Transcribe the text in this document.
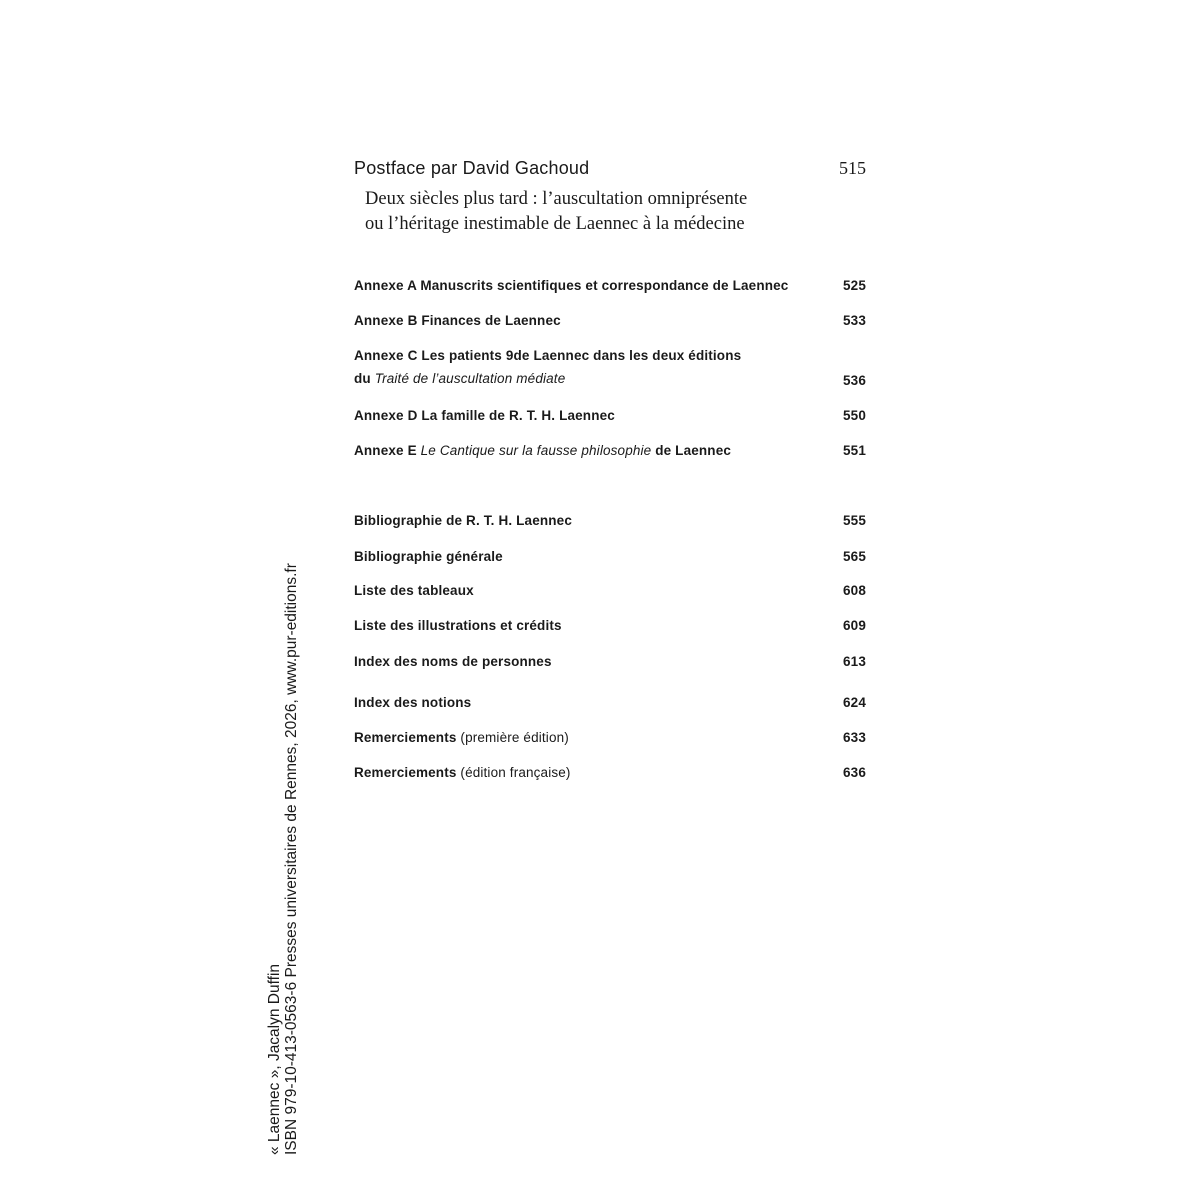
Postface par David Gachoud	515
Deux siècles plus tard : l’auscultation omniprésente
ou l’héritage inestimable de Laennec à la médecine
Annexe A Manuscrits scientifiques et correspondance de Laennec	525
Annexe B Finances de Laennec	533
Annexe C Les patients 9de Laennec dans les deux éditions
du Traité de l’auscultation médiate	536
Annexe D La famille de R. T. H. Laennec	550
Annexe E Le Cantique sur la fausse philosophie de Laennec	551
Bibliographie de R. T. H. Laennec	555
Bibliographie générale	565
Liste des tableaux	608
Liste des illustrations et crédits	609
Index des noms de personnes	613
Index des notions	624
Remerciements (première édition)	633
Remerciements (édition française)	636
« Laennec », Jacalyn Duffin ISBN 979-10-413-0563-6 Presses universitaires de Rennes, 2026, www.pur-editions.fr
